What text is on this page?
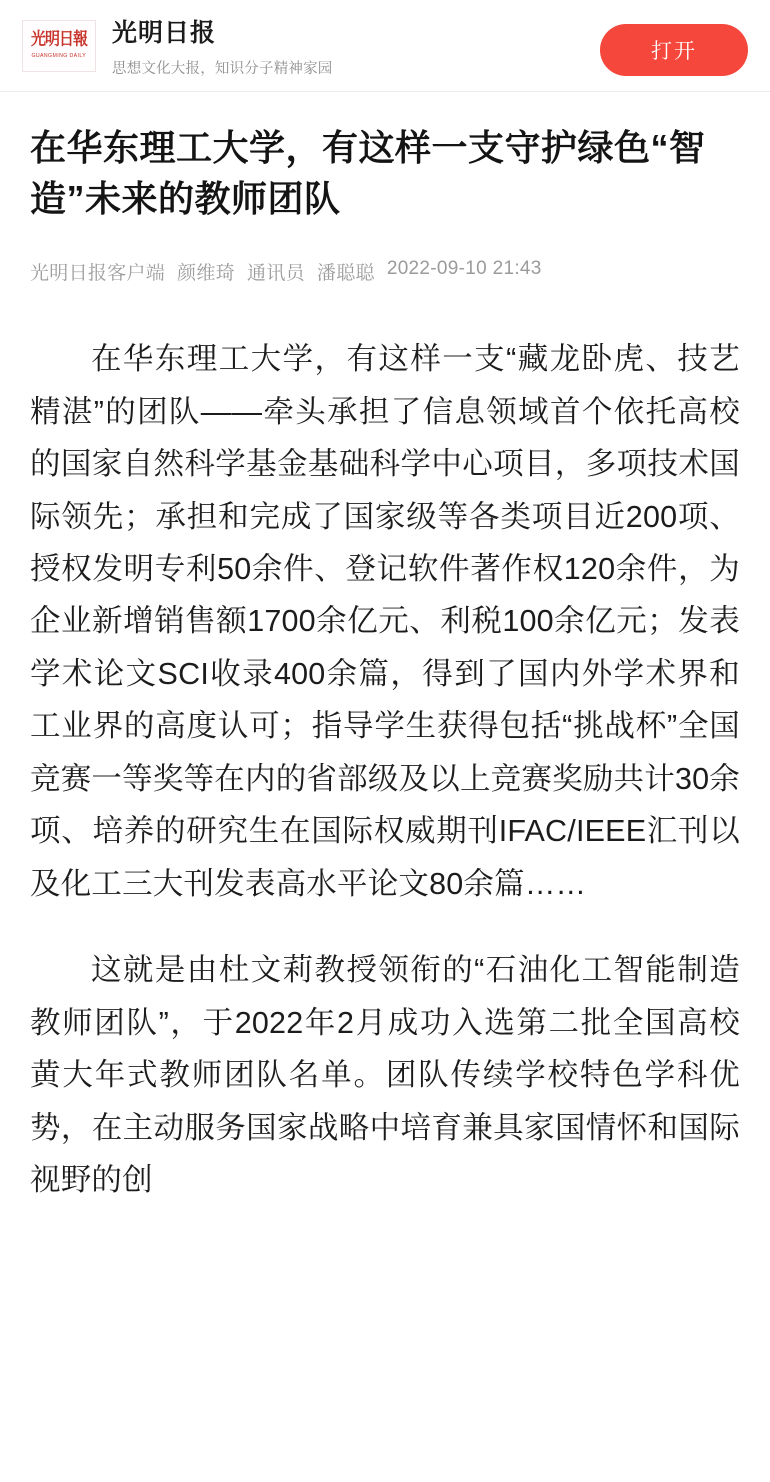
光明日報
GUANGMING DAILY
光明日报
思想文化大报，知识分子精神家园
打开
在华东理工大学，有这样一支守护绿色“智造”未来的教师团队
光明日报客户端 颜维琦 通讯员 潘聪聪 2022-09-10 21:43

在华东理工大学，有这样一支“藏龙卧虎、技艺精湛”的团队——牵头承担了信息领域首个依托高校的国家自然科学基金基础科学中心项目，多项技术国际领先；承担和完成了国家级等各类项目近200项、授权发明专利50余件、登记软件著作权120余件，为企业新增销售额1700余亿元、利税100余亿元；发表学术论文SCI收录400余篇，得到了国内外学术界和工业界的高度认可；指导学生获得包括“挑战杯”全国竞赛一等奖等在内的省部级及以上竞赛奖励共计30余项、培养的研究生在国际权威期刊IFAC/IEEE汇刊以及化工三大刊发表高水平论文80余篇……

这就是由杜文莉教授领衔的“石油化工智能制造教师团队”，于2022年2月成功入选第二批全国高校黄大年式教师团队名单。团队传续学校特色学科优势，在主动服务国家战略中培育兼具家国情怀和国际视野的创
